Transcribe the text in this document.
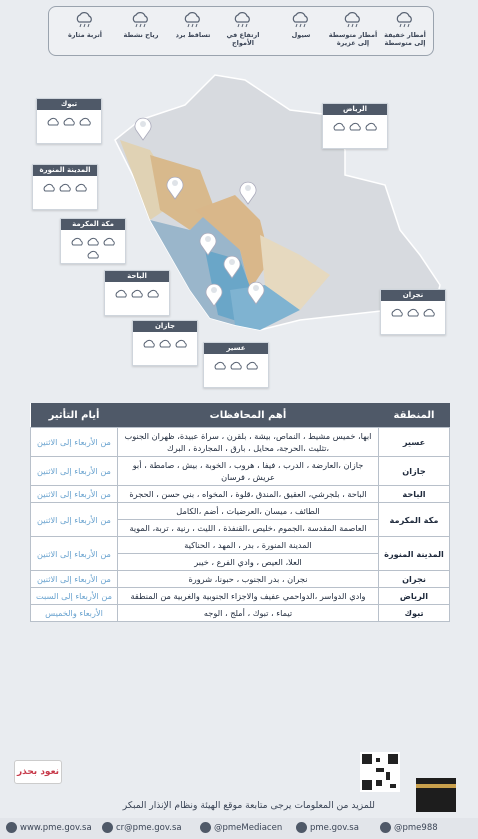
أمطار خفيفة إلى متوسطة
أمطار متوسطة إلى غزيرة
سيول
ارتفاع في الأمواج
تساقط برد
رياح نشطة
أتربة مثارة
تبوك
الرياض
المدينة المنورة
مكة المكرمة
الباحة
نجران
جازان
عسير
المنطقة	أهم المحافظات	أيام التأثير
عسير	ابها، خميس مشيط ، النماص، بيشة ، بلقرن ، سراة عبيدة، ظهران الجنوب ،تثليث ،الحرجة، محايل ، بارق ، المجاردة ، البرك	من الأربعاء إلى الاثنين
جازان	جازان ،العارضة ، الدرب ، فيفا ، هروب ، الخوبة ، بيش ، صامطة ، أبو عريش ، فرسان	من الأربعاء إلى الاثنين
الباحة	الباحة ، بلجرشي، العقيق ،المندق ،قلوة ، المخواه ، بني حسن ، الحجرة	من الأربعاء إلى الاثنين
مكة المكرمة	الطائف ، ميسان ،العرضيات ، أضم ،الكامل	من الأربعاء إلى الاثنين
	العاصمة المقدسة ،الجموم ،خليص ،القنفذة ، الليث ، رنية ، تربة، الموية	
المدينة المنورة	المدينة المنورة ، بدر ، المهد ، الحناكية	من الأربعاء إلى الاثنين
	العلا، العيص ، وادي الفرع ، خيبر	
نجران	نجران ، بدر الجنوب ، حبونا، شرورة	من الأربعاء إلى الاثنين
الرياض	وادي الدواسر ،الدواحمي عفيف والاجزاء الجنوبية والغربية من المنطقة	من الأربعاء إلى السبت
تبوك	تيماء ، تبوك ، أملج ، الوجه	الأربعاء والخميس
نعود بحذر
للمزيد من المعلومات يرجى متابعة موقع الهيئة ونظام الإنذار المبكر
www.pme.gov.sa	cr@pme.gov.sa	@pmeMediacen	pme.gov.sa	@pme988
